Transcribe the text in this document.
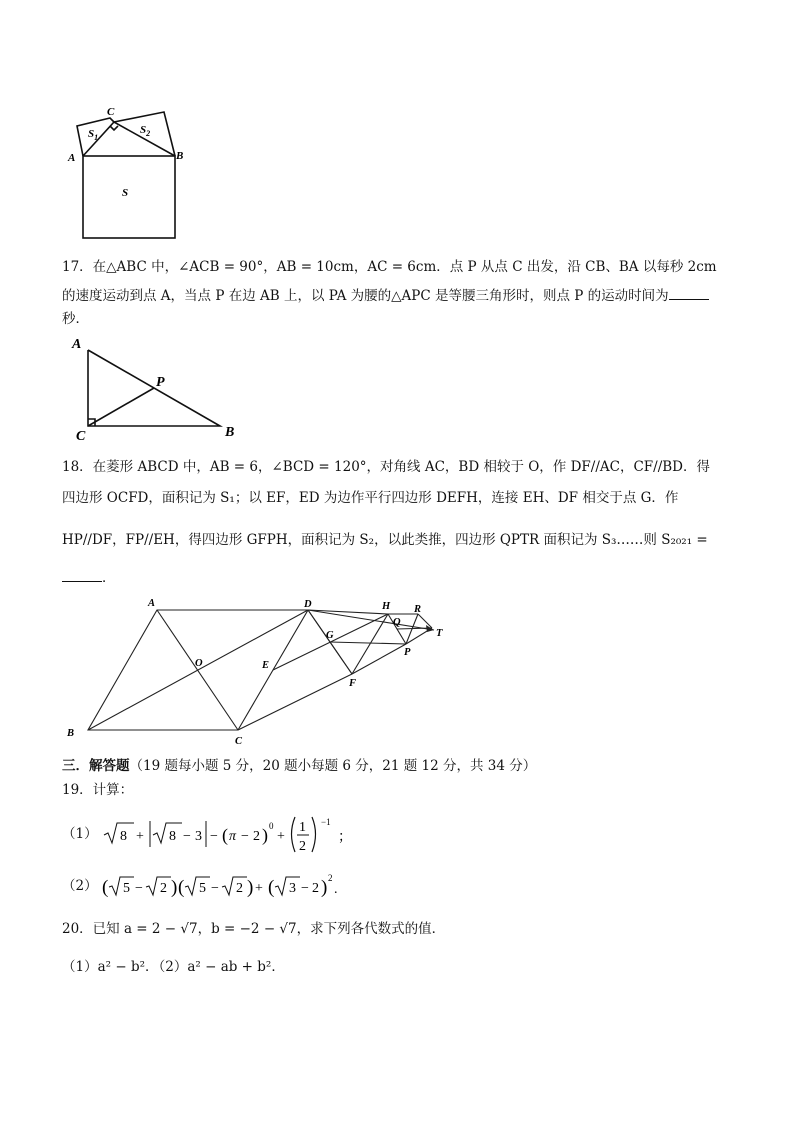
C
$S_1$
$S_2$
A	B
S
17．在△ABC 中，∠ACB = 90°，AB = 10cm，AC = 6cm．点 P 从点 C 出发，沿 CB、BA 以每秒 2cm
的速度运动到点 A，当点 P 在边 AB 上，以 PA 为腰的△APC 是等腰三角形时，则点 P 的运动时间为
秒．
A
P
C	B
18．在菱形 ABCD 中，AB = 6，∠BCD = 120°，对角线 AC，BD 相较于 O，作 DF//AC，CF//BD．得
四边形 OCFD，面积记为 S₁；以 EF，ED 为边作平行四边形 DEFH，连接 EH、DF 相交于点 G．作
HP//DF，FP//EH，得四边形 GFPH，面积记为 S₂，以此类推，四边形 QPTR 面积记为 S₃……则 S₂₀₂₁ =
．
A	D	H R
Q
G	T
O	E
P
F
B
C
三．解答题（19 题每小题 5 分，20 题小每题 6 分，21 题 12 分，共 34 分）
19．计算：
（1） 8 + 8 − 3 − ( π − 2 ) 0
+
1
2
−1
；
（2） ( 5 − 2 ) ( 5 − 2 ) + ( 3 − 2 ) 2
.
20．已知 a = 2 − √7，b = −2 − √7，求下列各代数式的值．
（1）a² − b²．（2）a² − ab + b²．
